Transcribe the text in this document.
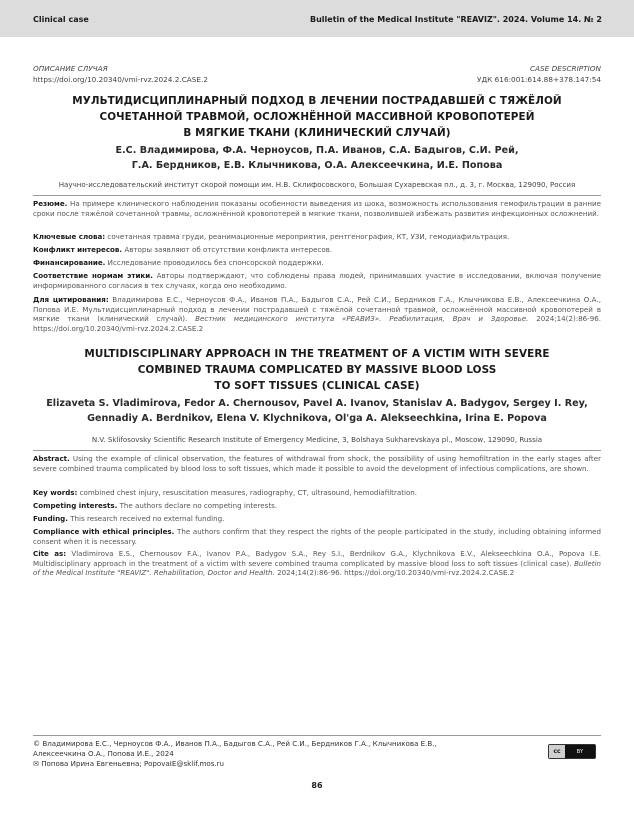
Clinical case	Bulletin of the Medical Institute "REAVIZ". 2024. Volume 14. № 2
ОПИСАНИЕ СЛУЧАЯ
https://doi.org/10.20340/vmi-rvz.2024.2.CASE.2
CASE DESCRIPTION
УДК 616:001:614.88+378.147:54
МУЛЬТИДИСЦИПЛИНАРНЫЙ ПОДХОД В ЛЕЧЕНИИ ПОСТРАДАВШЕЙ С ТЯЖЁЛОЙ
СОЧЕТАННОЙ ТРАВМОЙ, ОСЛОЖНЁННОЙ МАССИВНОЙ КРОВОПОТЕРЕЙ
В МЯГКИЕ ТКАНИ (КЛИНИЧЕСКИЙ СЛУЧАЙ)
Е.С. Владимирова, Ф.А. Черноусов, П.А. Иванов, С.А. Бадыгов, С.И. Рей,
Г.А. Бердников, Е.В. Клычникова, О.А. Алексеечкина, И.Е. Попова
Научно-исследовательский институт скорой помощи им. Н.В. Склифосовского, Большая Сухаревская пл., д. 3, г. Москва, 129090, Россия
Резюме. На примере клинического наблюдения показаны особенности выведения из шока, возможность использования гемофильтрации в ранние сроки после тяжёлой сочетанной травмы, осложнённой кровопотерей в мягкие ткани, позволившей избежать развития инфекционных осложнений.
Ключевые слова: сочетанная травма груди, реанимационные мероприятия, рентгенография, КТ, УЗИ, гемодиафильтрация.
Конфликт интересов. Авторы заявляют об отсутствии конфликта интересов.
Финансирование. Исследование проводилось без спонсорской поддержки.
Соответствие нормам этики. Авторы подтверждают, что соблюдены права людей, принимавших участие в исследовании, включая получение информированного согласия в тех случаях, когда оно необходимо.
Для цитирования: Владимирова Е.С., Черноусов Ф.А., Иванов П.А., Бадыгов С.А., Рей С.И., Бердников Г.А., Клычникова Е.В., Алексеечкина О.А., Попова И.Е. Мультидисциплинарный подход в лечении пострадавшей с тяжёлой сочетанной травмой, осложнённой массивной кровопотерей в мягкие ткани (клинический случай). Вестник медицинского института «РЕАВИЗ». Реабилитация, Врач и Здоровье. 2024;14(2):86-96. https://doi.org/10.20340/vmi-rvz.2024.2.CASE.2
MULTIDISCIPLINARY APPROACH IN THE TREATMENT OF A VICTIM WITH SEVERE
COMBINED TRAUMA COMPLICATED BY MASSIVE BLOOD LOSS
TO SOFT TISSUES (CLINICAL CASE)
Elizaveta S. Vladimirova, Fedor A. Chernousov, Pavel A. Ivanov, Stanislav A. Badygov, Sergey I. Rey,
Gennadiy A. Berdnikov, Elena V. Klychnikova, Ol'ga A. Alekseechkina, Irina E. Popova
N.V. Sklifosovsky Scientific Research Institute of Emergency Medicine, 3, Bolshaya Sukharevskaya pl., Moscow, 129090, Russia
Abstract. Using the example of clinical observation, the features of withdrawal from shock, the possibility of using hemofiltration in the early stages after severe combined trauma complicated by blood loss to soft tissues, which made it possible to avoid the development of infectious complications, are shown.
Key words: combined chest injury, resuscitation measures, radiography, CT, ultrasound, hemodiafiltration.
Competing interests. The authors declare no competing interests.
Funding. This research received no external funding.
Compliance with ethical principles. The authors confirm that they respect the rights of the people participated in the study, including obtaining informed consent when it is necessary.
Cite as: Vladimirova E.S., Chernousov F.A., Ivanov P.A., Badygov S.A., Rey S.I., Berdnikov G.A., Klychnikova E.V., Alekseechkina O.A., Popova I.E. Multidisciplinary approach in the treatment of a victim with severe combined trauma complicated by massive blood loss to soft tissues (clinical case). Bulletin of the Medical Institute "REAVIZ". Rehabilitation, Doctor and Health. 2024;14(2):86-96. https://doi.org/10.20340/vmi-rvz.2024.2.CASE.2
© Владимирова Е.С., Черноусов Ф.А., Иванов П.А., Бадыгов С.А., Рей С.И., Бердников Г.А., Клычникова Е.В.,
Алексеечкина О.А., Попова И.Е., 2024
✉ Попова Ирина Евгеньевна; PopovaIE@sklif.mos.ru
cc	BY
86
